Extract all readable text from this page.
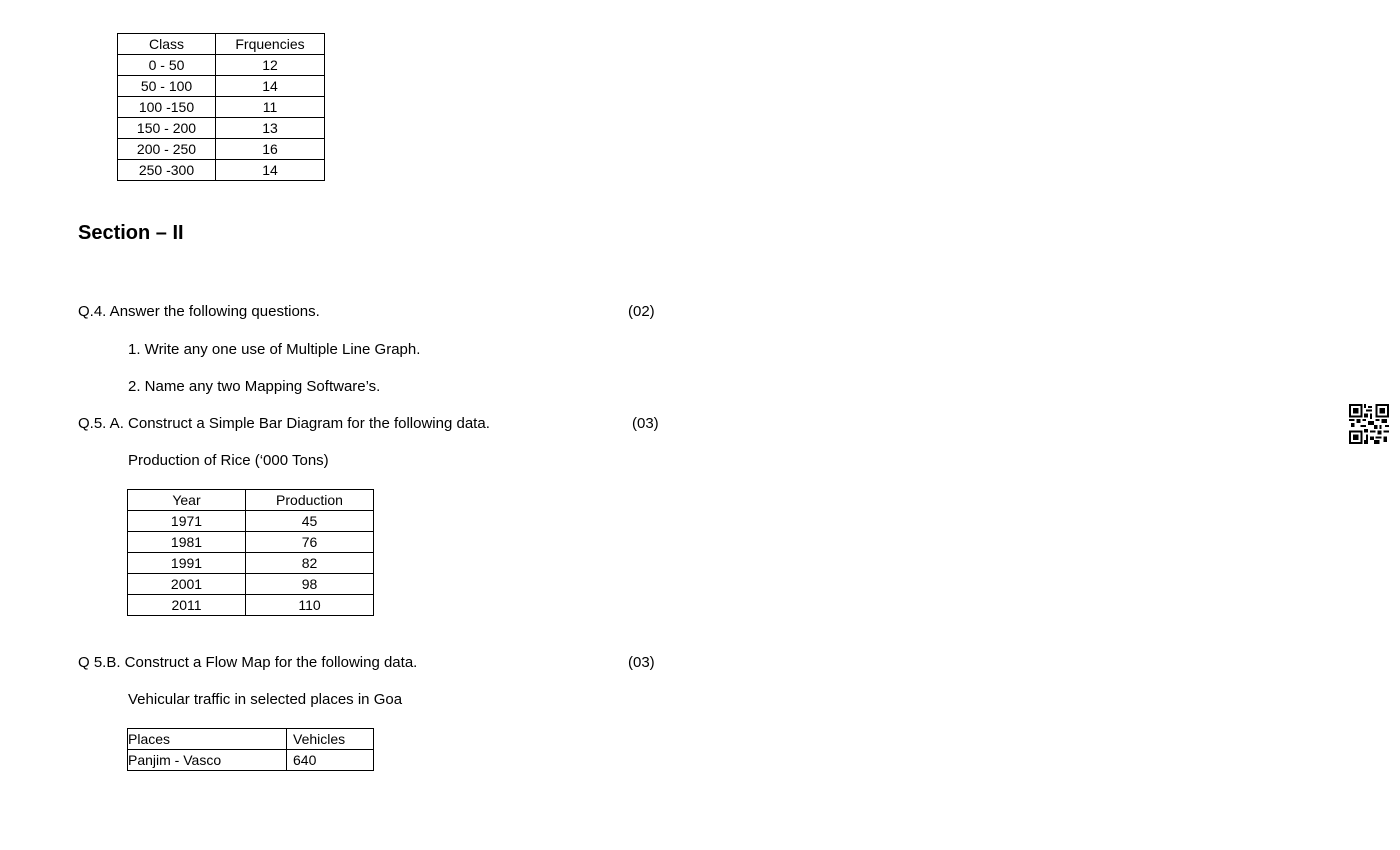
Class	Frquencies
0 - 50	12
50 - 100	14
100 -150	11
150 - 200	13
200 - 250	16
250 -300	14
Section – II
Q.4. Answer the following questions.	(02)
1. Write any one use of Multiple Line Graph.
2. Name any two Mapping Software’s.
Q.5. A. Construct a Simple Bar Diagram for the following data.	(03)
Production of Rice (‘000 Tons)
Year	Production
1971	45
1981	76
1991	82
2001	98
2011	110
Q 5.B. Construct a Flow Map for the following data.	(03)
Vehicular traffic in selected places in Goa
Places	Vehicles
Panjim - Vasco	640
